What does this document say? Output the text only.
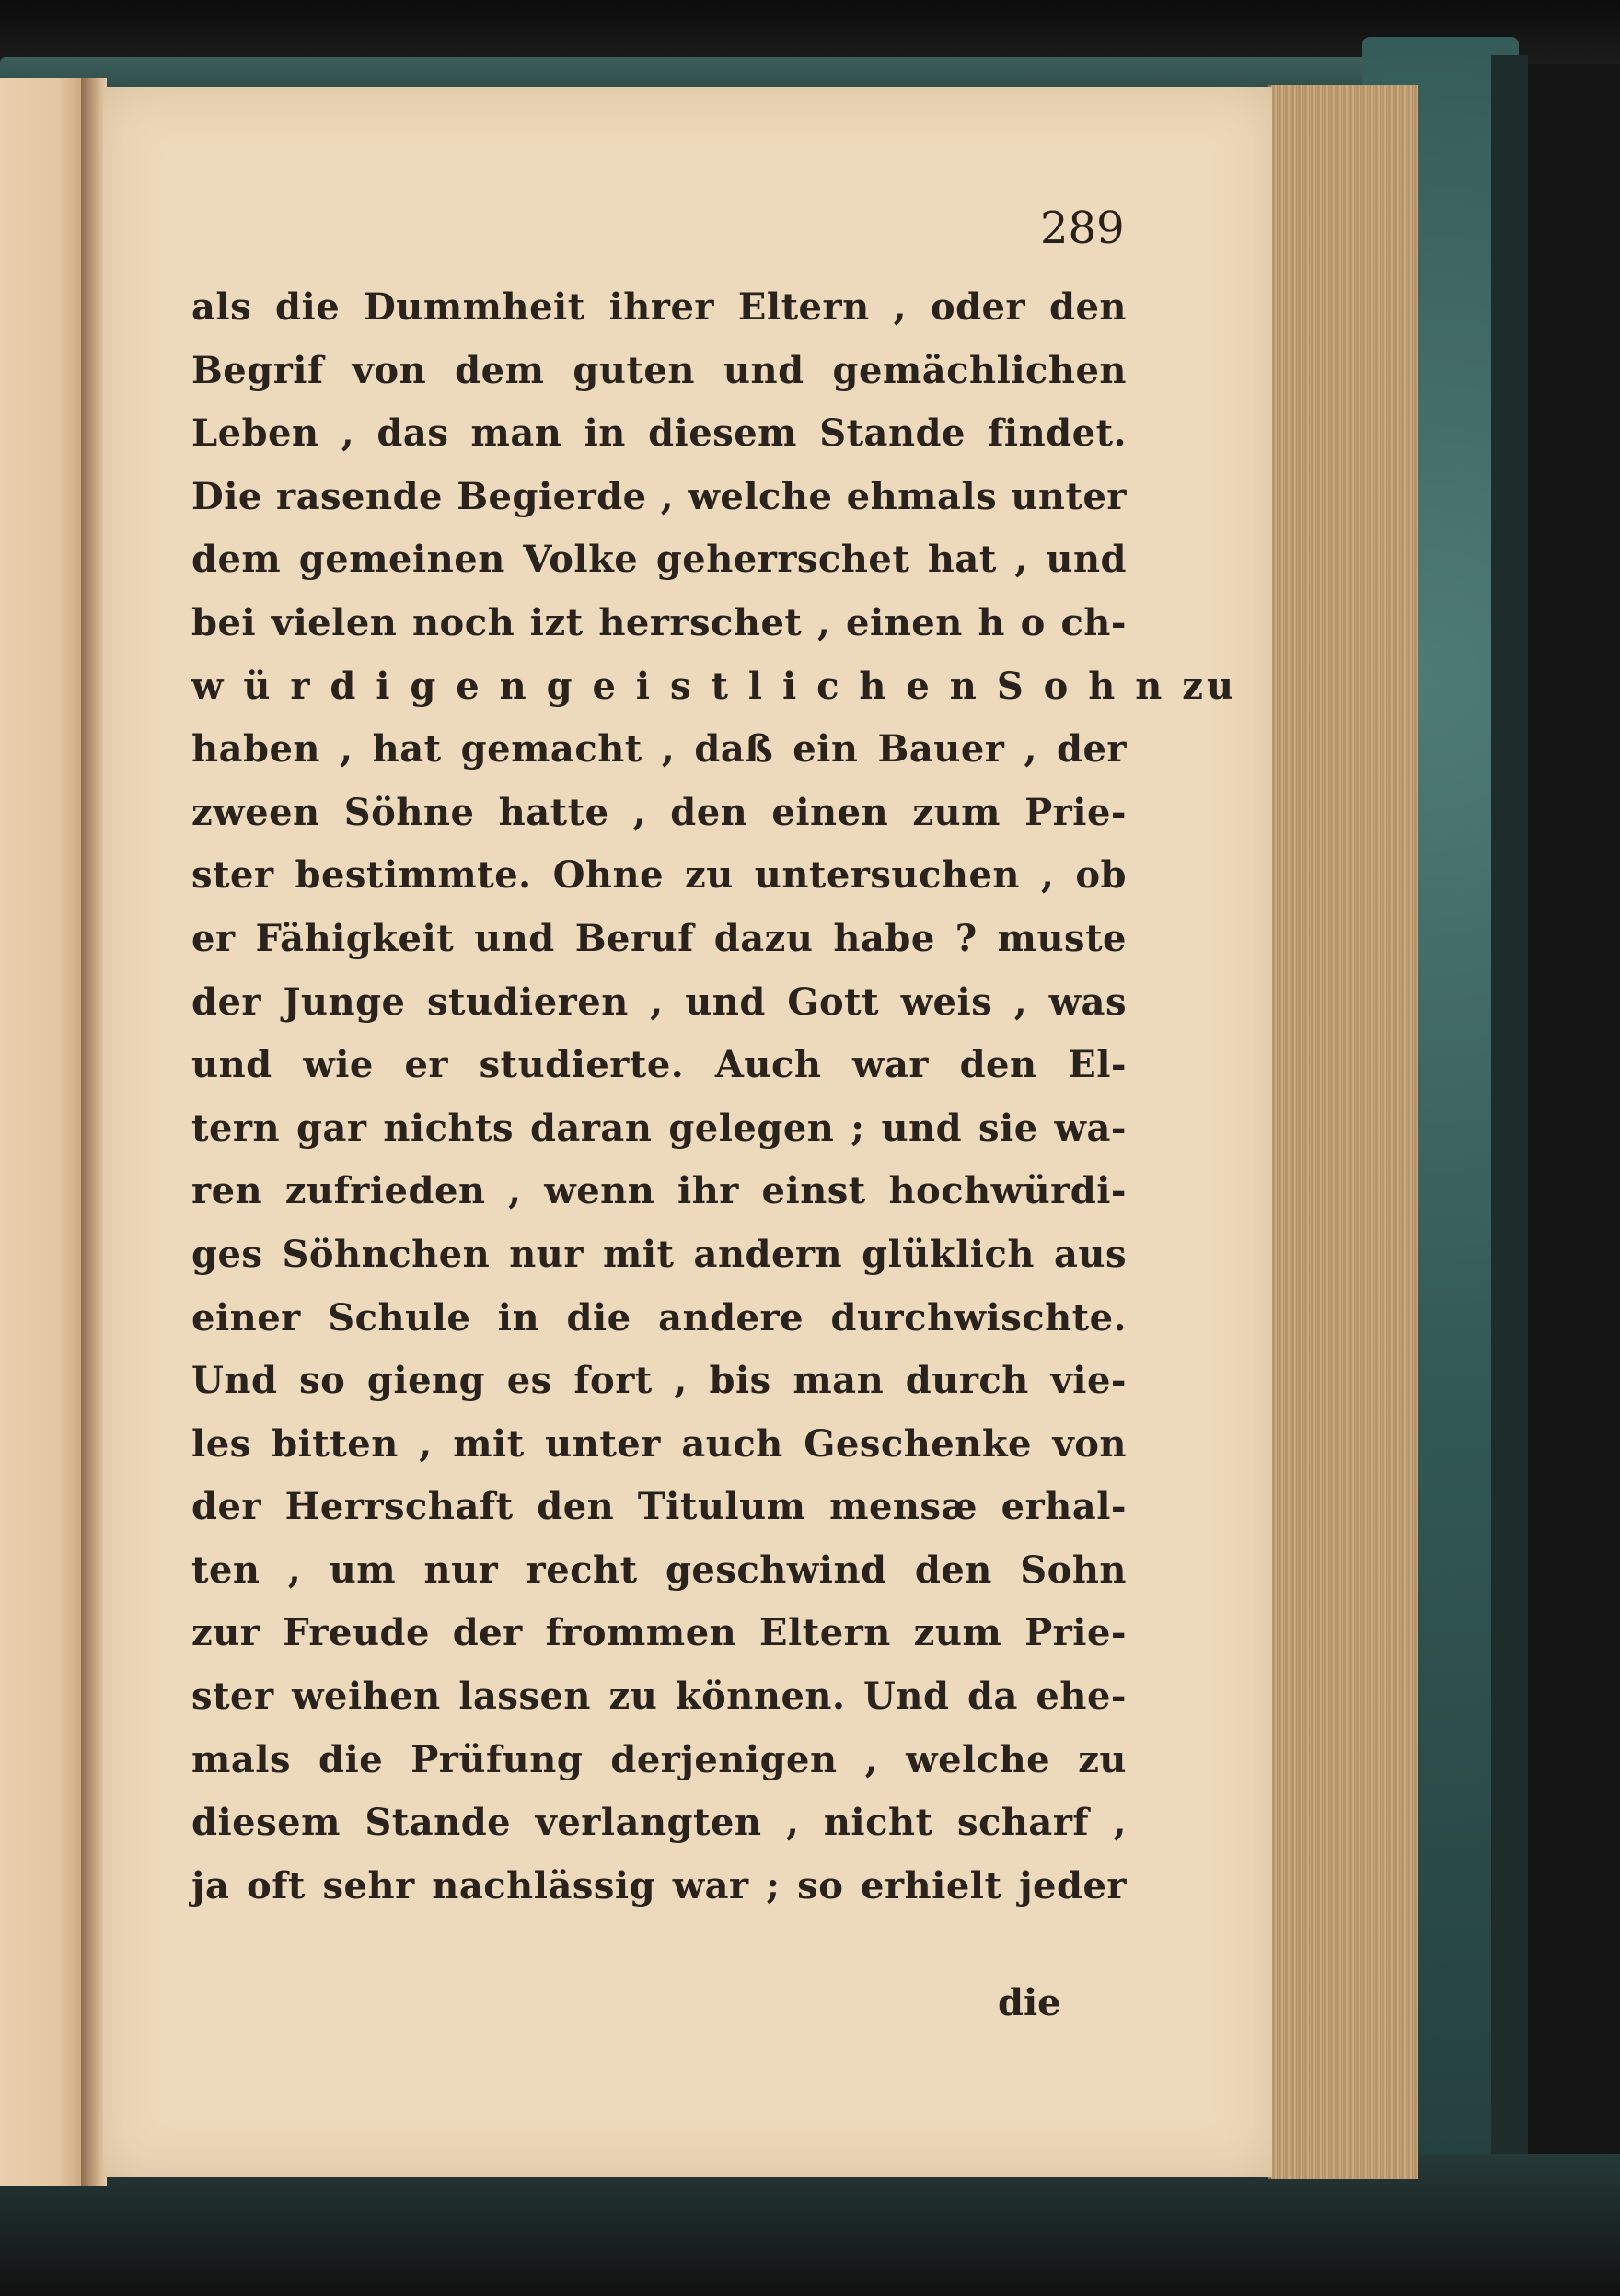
289
als die Dummheit ihrer Eltern , oder den
Begrif von dem guten und gemächlichen
Leben , das man in diesem Stande findet.
Die rasende Begierde , welche ehmals unter
dem gemeinen Volke geherrschet hat , und
bei vielen noch izt herrschet , einen h o ch-
w ü r d i g e n g e i s t l i c h e n S o h n zu
haben , hat gemacht , daß ein Bauer , der
zween Söhne hatte , den einen zum Prie-
ster bestimmte. Ohne zu untersuchen , ob
er Fähigkeit und Beruf dazu habe ? muste
der Junge studieren , und Gott weis , was
und wie er studierte. Auch war den El-
tern gar nichts daran gelegen ; und sie wa-
ren zufrieden , wenn ihr einst hochwürdi-
ges Söhnchen nur mit andern glüklich aus
einer Schule in die andere durchwischte.
Und so gieng es fort , bis man durch vie-
les bitten , mit unter auch Geschenke von
der Herrschaft den Titulum mensæ erhal-
ten , um nur recht geschwind den Sohn
zur Freude der frommen Eltern zum Prie-
ster weihen lassen zu können. Und da ehe-
mals die Prüfung derjenigen , welche zu
diesem Stande verlangten , nicht scharf ,
ja oft sehr nachlässig war ; so erhielt jeder
die
